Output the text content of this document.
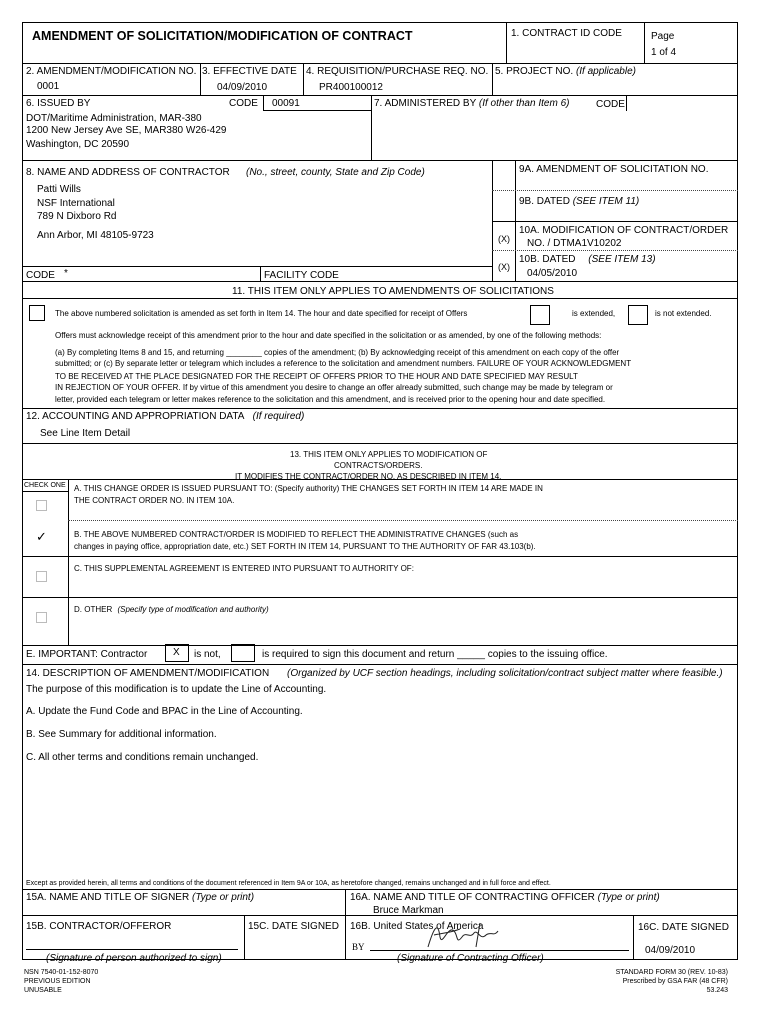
AMENDMENT OF SOLICITATION/MODIFICATION OF CONTRACT	1. CONTRACT ID CODE	Page
1 of 4
2. AMENDMENT/MODIFICATION NO.
0001
3. EFFECTIVE DATE
04/09/2010
4. REQUISITION/PURCHASE REQ. NO.
PR400100012
5. PROJECT NO. (If applicable)
6. ISSUED BY	CODE 00091
DOT/Maritime Administration, MAR-380
1200 New Jersey Ave SE, MAR380 W26-429
Washington, DC 20590
7. ADMINISTERED BY (If other than Item 6)	CODE
8. NAME AND ADDRESS OF CONTRACTOR (No., street, county, State and Zip Code)
Patti Wills
NSF International
789 N Dixboro Rd
Ann Arbor, MI 48105-9723
CODE *	FACILITY CODE
9A. AMENDMENT OF SOLICITATION NO.
9B. DATED (SEE ITEM 11)
(X)
10A. MODIFICATION OF CONTRACT/ORDER
NO. / DTMA1V10202
(X)
10B. DATED (SEE ITEM 13)
04/05/2010
11. THIS ITEM ONLY APPLIES TO AMENDMENTS OF SOLICITATIONS
The above numbered solicitation is amended as set forth in Item 14. The hour and date specified for receipt of Offers	is extended,	is not extended.
Offers must acknowledge receipt of this amendment prior to the hour and date specified in the solicitation or as amended, by one of the following methods:
(a) By completing Items 8 and 15, and returning ________ copies of the amendment; (b) By acknowledging receipt of this amendment on each copy of the offer
submitted; or (c) By separate letter or telegram which includes a reference to the solicitation and amendment numbers. FAILURE OF YOUR ACKNOWLEDGMENT
TO BE RECEIVED AT THE PLACE DESIGNATED FOR THE RECEIPT OF OFFERS PRIOR TO THE HOUR AND DATE SPECIFIED MAY RESULT
IN REJECTION OF YOUR OFFER. If by virtue of this amendment you desire to change an offer already submitted, such change may be made by telegram or
letter, provided each telegram or letter makes reference to the solicitation and this amendment, and is received prior to the opening hour and date specified.
12. ACCOUNTING AND APPROPRIATION DATA (If required)
See Line Item Detail
13. THIS ITEM ONLY APPLIES TO MODIFICATION OF
CONTRACTS/ORDERS.
IT MODIFIES THE CONTRACT/ORDER NO. AS DESCRIBED IN ITEM 14.
CHECK ONE A. THIS CHANGE ORDER IS ISSUED PURSUANT TO: (Specify authority) THE CHANGES SET FORTH IN ITEM 14 ARE MADE IN
THE CONTRACT ORDER NO. IN ITEM 10A.
✓	B. THE ABOVE NUMBERED CONTRACT/ORDER IS MODIFIED TO REFLECT THE ADMINISTRATIVE CHANGES (such as
changes in paying office, appropriation date, etc.) SET FORTH IN ITEM 14, PURSUANT TO THE AUTHORITY OF FAR 43.103(b).
C. THIS SUPPLEMENTAL AGREEMENT IS ENTERED INTO PURSUANT TO AUTHORITY OF:
D. OTHER (Specify type of modification and authority)
E. IMPORTANT: Contractor	X is not,	is required to sign this document and return _____ copies to the issuing office.
14. DESCRIPTION OF AMENDMENT/MODIFICATION (Organized by UCF section headings, including solicitation/contract subject matter where feasible.)
The purpose of this modification is to update the Line of Accounting.
A. Update the Fund Code and BPAC in the Line of Accounting.
B. See Summary for additional information.
C. All other terms and conditions remain unchanged.
Except as provided herein, all terms and conditions of the document referenced in Item 9A or 10A, as heretofore changed, remains unchanged and in full force and effect.
15A. NAME AND TITLE OF SIGNER (Type or print)	16A. NAME AND TITLE OF CONTRACTING OFFICER (Type or print)
Bruce Markman
15B. CONTRACTOR/OFFEROR	15C. DATE SIGNED 16B. United States of America	16C. DATE SIGNED
04/09/2010
(Signature of person authorized to sign)
BY
(Signature of Contracting Officer)
NSN 7540-01-152-8070
PREVIOUS EDITION
UNUSABLE
STANDARD FORM 30 (REV. 10-83)
Prescribed by GSA FAR (48 CFR)
53.243
